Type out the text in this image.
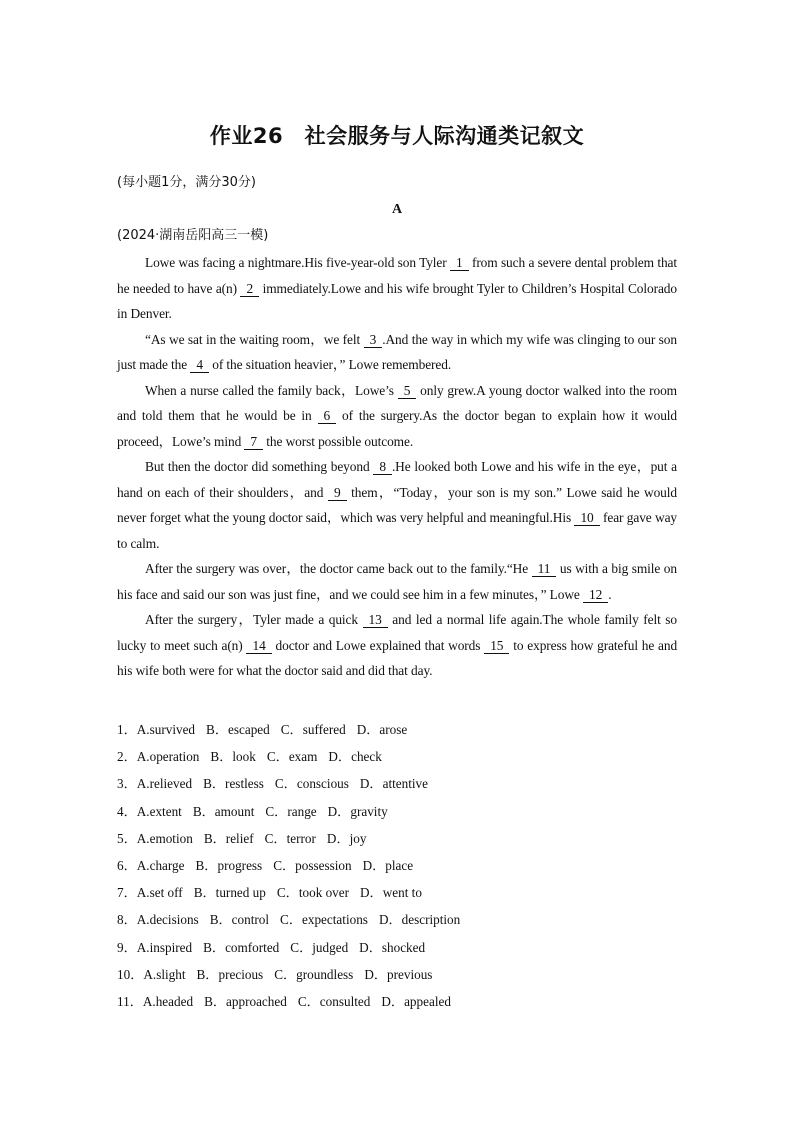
作业26　社会服务与人际沟通类记叙文
(每小题1分，满分30分)
A
(2024·湖南岳阳高三一模)

Lowe was facing a nightmare.His five-year-old son Tyler 1 from such a severe dental problem that he needed to have a(n) 2 immediately.Lowe and his wife brought Tyler to Children’s Hospital Colorado in Denver.

“As we sat in the waiting room，we felt 3 .And the way in which my wife was clinging to our son just made the 4 of the situation heavier，” Lowe remembered.

When a nurse called the family back，Lowe’s 5 only grew.A young doctor walked into the room and told them that he would be in 6 of the surgery.As the doctor began to explain how it would proceed，Lowe’s mind 7 the worst possible outcome.

But then the doctor did something beyond 8 .He looked both Lowe and his wife in the eye，put a hand on each of their shoulders，and 9 them，“Today，your son is my son.” Lowe said he would never forget what the young doctor said，which was very helpful and meaningful.His 10 fear gave way to calm.

After the surgery was over，the doctor came back out to the family.“He 11 us with a big smile on his face and said our son was just fine，and we could see him in a few minutes，” Lowe 12 .

After the surgery，Tyler made a quick 13 and led a normal life again.The whole family felt so lucky to meet such a(n) 14 doctor and Lowe explained that words 15 to express how grateful he and his wife both were for what the doctor said and did that day.

1．A.survived B．escaped C．suffered D．arose
2．A.operation B．look C．exam D．check
3．A.relieved B．restless C．conscious D．attentive
4．A.extent B．amount C．range D．gravity
5．A.emotion B．relief C．terror D．joy
6．A.charge B．progress C．possession D．place
7．A.set off B．turned up C．took over D．went to
8．A.decisions B．control C．expectations D．description
9．A.inspired B．comforted C．judged D．shocked
10．A.slight B．precious C．groundless D．previous
11．A.headed B．approached C．consulted D．appealed
